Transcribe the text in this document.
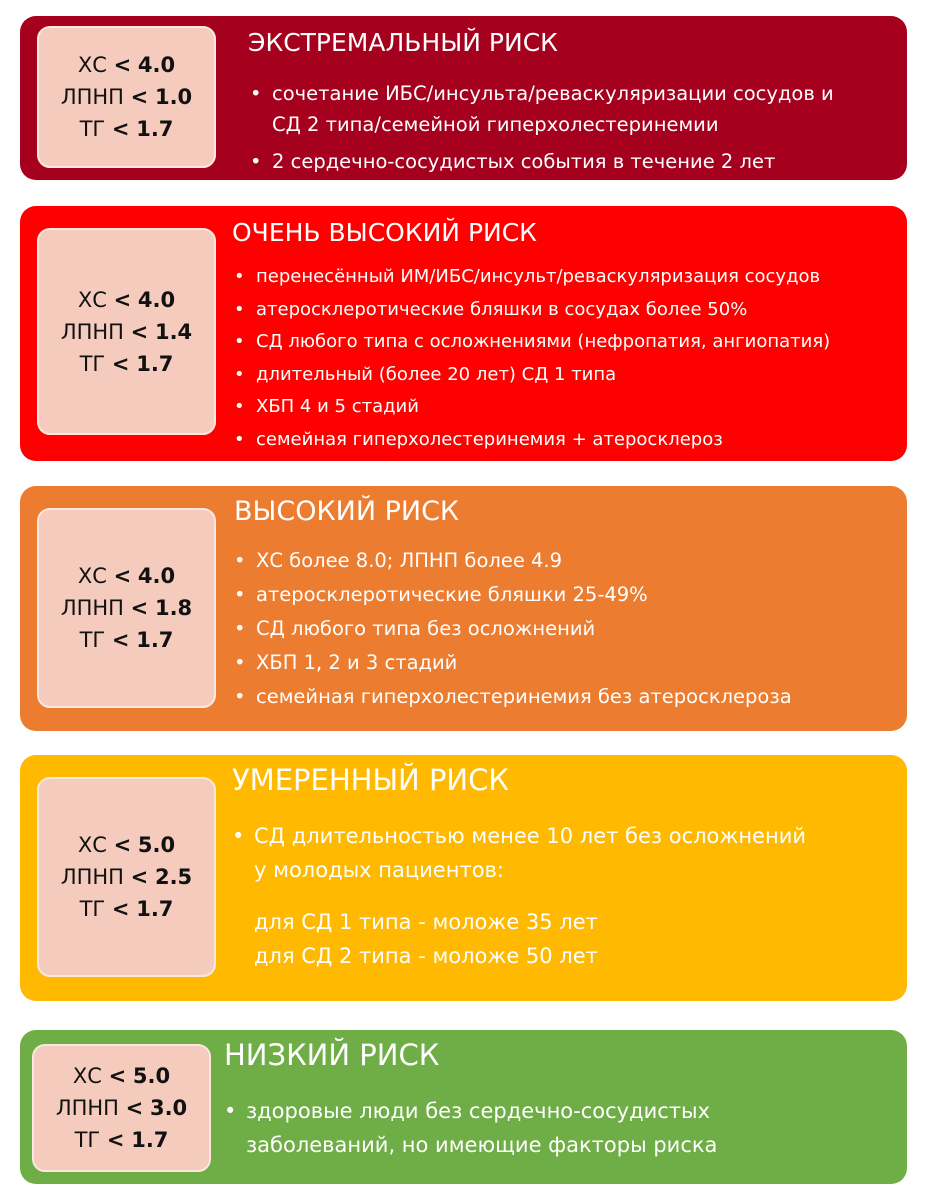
ХС < 4.0
ЛПНП < 1.0
ТГ < 1.7
ЭКСТРЕМАЛЬНЫЙ РИСК
• сочетание ИБС/инсульта/реваскуляризации сосудов и
СД 2 типа/семейной гиперхолестеринемии
• 2 сердечно-сосудистых события в течение 2 лет
ХС < 4.0
ЛПНП < 1.4
ТГ < 1.7
ОЧЕНЬ ВЫСОКИЙ РИСК
• перенесённый ИМ/ИБС/инсульт/реваскуляризация сосудов
• атеросклеротические бляшки в сосудах более 50%
• СД любого типа с осложнениями (нефропатия, ангиопатия)
• длительный (более 20 лет) СД 1 типа
• ХБП 4 и 5 стадий
• семейная гиперхолестеринемия + атеросклероз
ХС < 4.0
ЛПНП < 1.8
ТГ < 1.7
ВЫСОКИЙ РИСК
• ХС более 8.0; ЛПНП более 4.9
• атеросклеротические бляшки 25-49%
• СД любого типа без осложнений
• ХБП 1, 2 и 3 стадий
• семейная гиперхолестеринемия без атеросклероза
ХС < 5.0
ЛПНП < 2.5
ТГ < 1.7
УМЕРЕННЫЙ РИСК
• СД длительностью менее 10 лет без осложнений
у молодых пациентов:
для СД 1 типа - моложе 35 лет
для СД 2 типа - моложе 50 лет
ХС < 5.0
ЛПНП < 3.0
ТГ < 1.7
НИЗКИЙ РИСК
• здоровые люди без сердечно-сосудистых
заболеваний, но имеющие факторы риска
